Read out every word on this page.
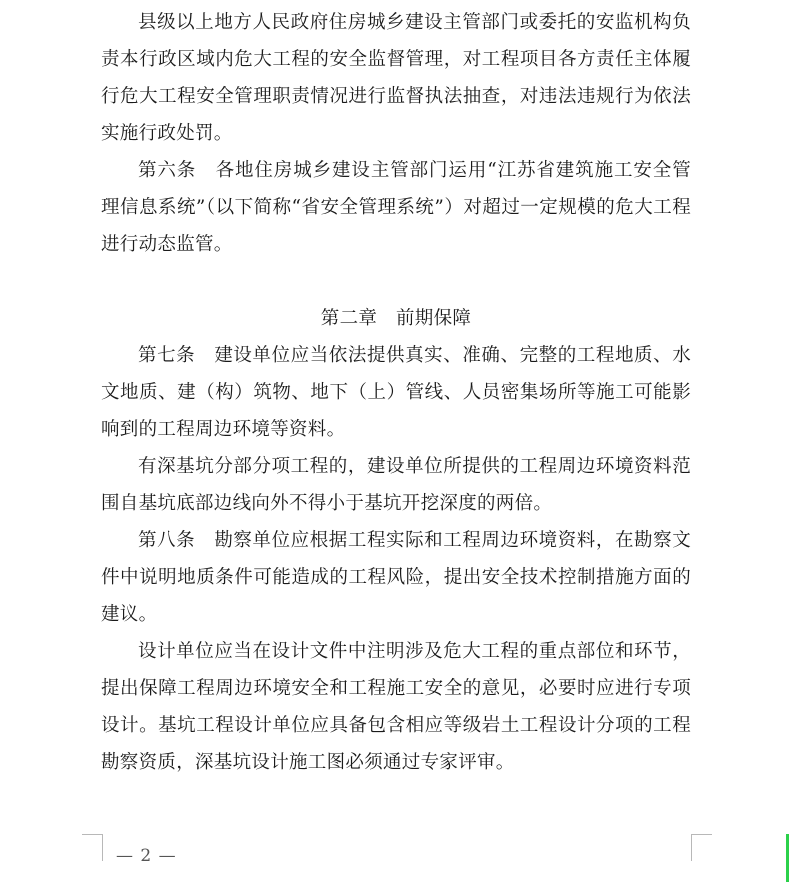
县级以上地方人民政府住房城乡建设主管部门或委托的安监机构负责本行政区域内危大工程的安全监督管理，对工程项目各方责任主体履行危大工程安全管理职责情况进行监督执法抽查，对违法违规行为依法实施行政处罚。

第六条　各地住房城乡建设主管部门运用“江苏省建筑施工安全管理信息系统”（以下简称“省安全管理系统”）对超过一定规模的危大工程进行动态监管。

第二章　前期保障

第七条　建设单位应当依法提供真实、准确、完整的工程地质、水文地质、建（构）筑物、地下（上）管线、人员密集场所等施工可能影响到的工程周边环境等资料。

有深基坑分部分项工程的，建设单位所提供的工程周边环境资料范围自基坑底部边线向外不得小于基坑开挖深度的两倍。

第八条　勘察单位应根据工程实际和工程周边环境资料，在勘察文件中说明地质条件可能造成的工程风险，提出安全技术控制措施方面的建议。

设计单位应当在设计文件中注明涉及危大工程的重点部位和环节，提出保障工程周边环境安全和工程施工安全的意见，必要时应进行专项设计。基坑工程设计单位应具备包含相应等级岩土工程设计分项的工程勘察资质，深基坑设计施工图必须通过专家评审。

— 2 —
